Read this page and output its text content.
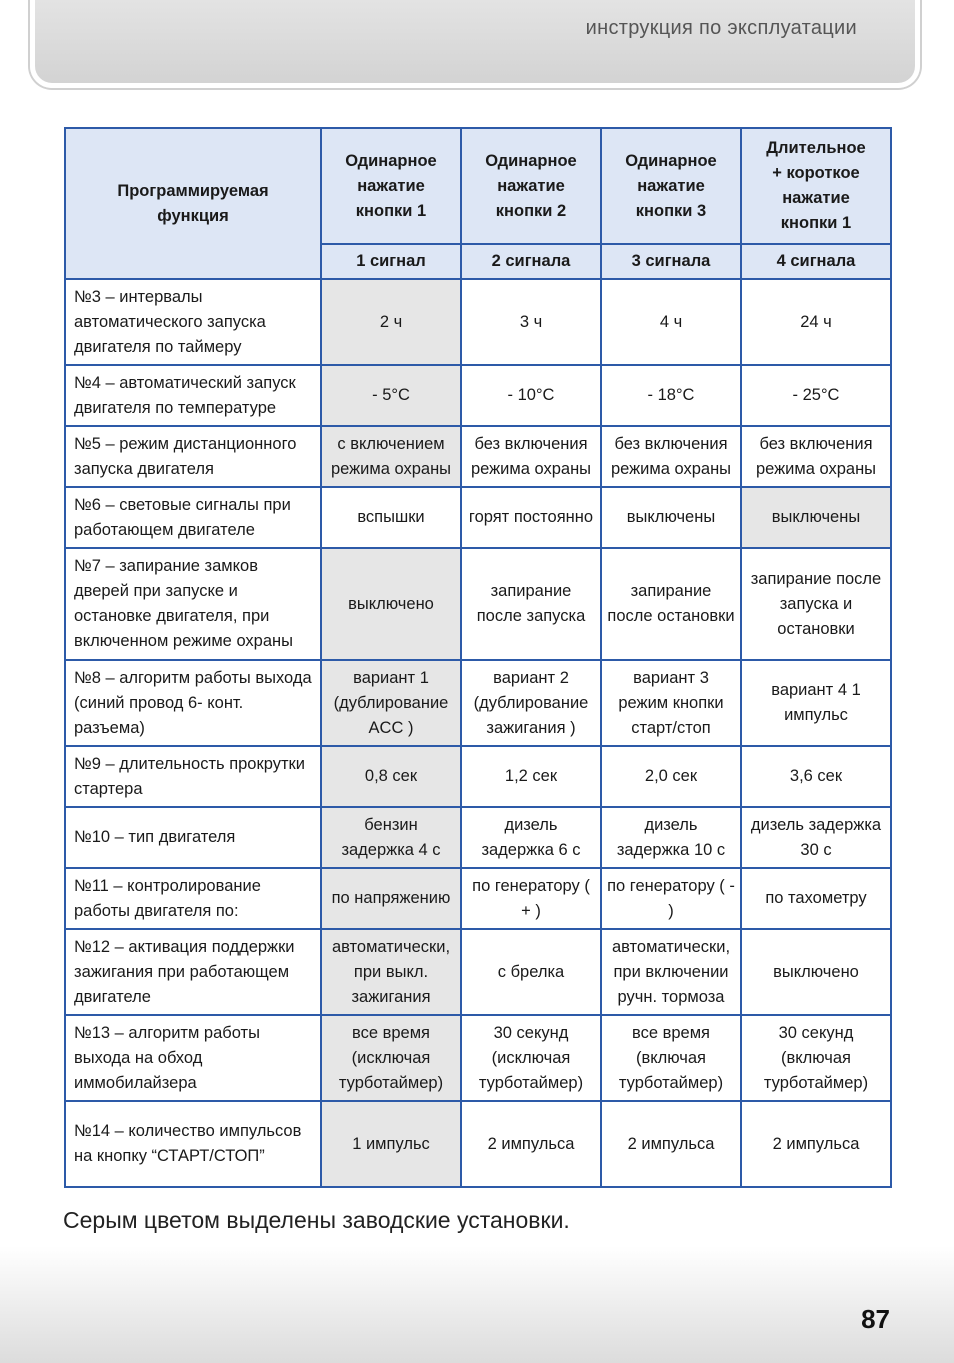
инструкция по эксплуатации
Программируемая функция	Одинарное нажатие кнопки 1	Одинарное нажатие кнопки 2	Одинарное нажатие кнопки 3	Длительное + короткое нажатие кнопки 1
	1 сигнал	2 сигнала	3 сигнала	4 сигнала
№3 – интервалы автоматического запуска двигателя по таймеру	2 ч	3 ч	4 ч	24 ч
№4 – автоматический запуск двигателя по температуре	- 5°C	- 10°C	- 18°C	- 25°C
№5 – режим дистанционного запуска двигателя	с включением режима охраны	без включения режима охраны	без включения режима охраны	без включения режима охраны
№6 – световые сигналы при работающем двигателе	вспышки	горят постоянно	выключены	выключены
№7 – запирание замков дверей при запуске и остановке двигателя, при включенном режиме охраны	выключено	запирание после запуска	запирание после остановки	запирание после запуска и остановки
№8 – алгоритм работы выхода (синий провод 6- конт. разъема)	вариант 1 (дублирование ACC )	вариант 2 (дублирование зажигания )	вариант 3 режим кнопки старт/стоп	вариант 4 1 импульс
№9 – длительность прокрутки стартера	0,8 сек	1,2 сек	2,0 сек	3,6 сек
№10 – тип двигателя	бензин задержка 4 с	дизель задержка 6 с	дизель задержка 10 с	дизель задержка 30 с
№11 – контролирование работы двигателя по:	по напряжению	по генератору ( + )	по генератору ( - )	по тахометру
№12 – активация поддержки зажигания при работающем двигателе	автоматически, при выкл. зажигания	с брелка	автоматически, при включении ручн. тормоза	выключено
№13 – алгоритм работы выхода на обход иммобилайзера	все время (исключая турботаймер)	30 секунд (исключая турботаймер)	все время (включая турботаймер)	30 секунд (включая турботаймер)
№14 – количество импульсов на кнопку “СТАРТ/СТОП”	1 импульс	2 импульса	2 импульса	2 импульса
Серым цветом выделены заводские установки.
87
